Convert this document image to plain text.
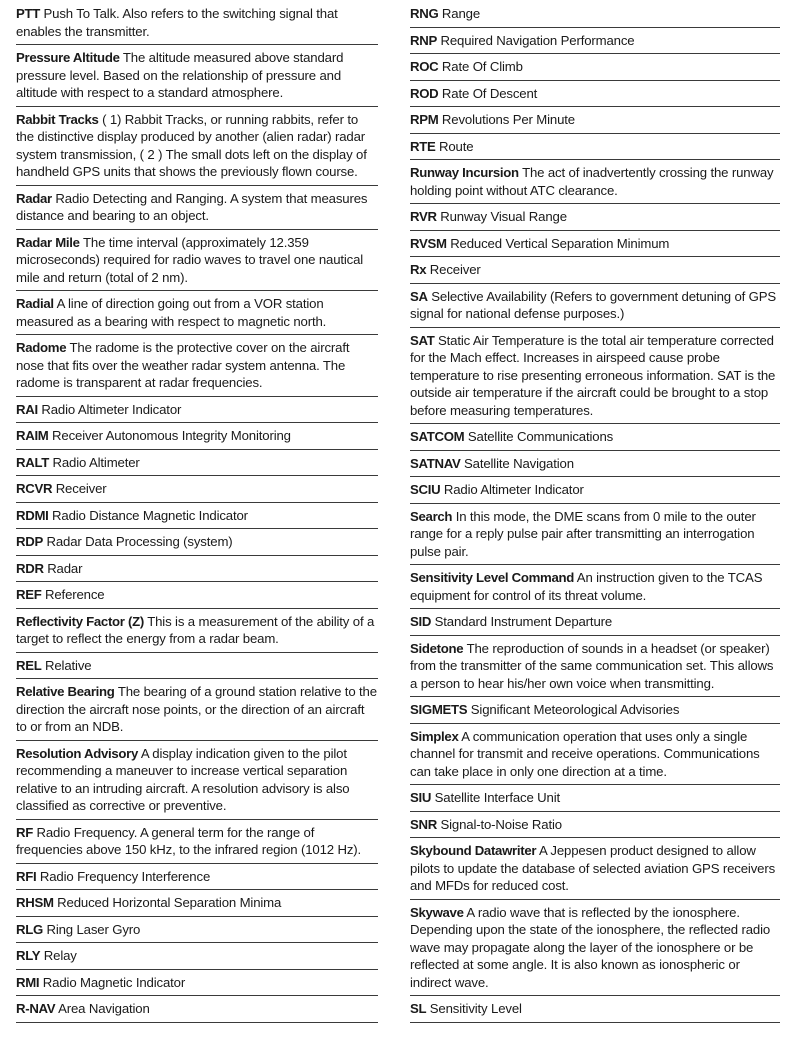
PTT Push To Talk. Also refers to the switching signal that enables the transmitter.
Pressure Altitude The altitude measured above standard pressure level. Based on the relationship of pressure and altitude with respect to a standard atmosphere.
Rabbit Tracks ( 1) Rabbit Tracks, or running rabbits, refer to the distinctive display produced by another (alien radar) radar system transmission, ( 2 ) The small dots left on the display of handheld GPS units that shows the previously flown course.
Radar Radio Detecting and Ranging. A system that measures distance and bearing to an object.
Radar Mile The time interval (approximately 12.359 microseconds) required for radio waves to travel one nautical mile and return (total of 2 nm).
Radial A line of direction going out from a VOR station measured as a bearing with respect to magnetic north.
Radome The radome is the protective cover on the aircraft nose that fits over the weather radar system antenna. The radome is transparent at radar frequencies.
RAI Radio Altimeter Indicator
RAIM Receiver Autonomous Integrity Monitoring
RALT Radio Altimeter
RCVR Receiver
RDMI Radio Distance Magnetic Indicator
RDP Radar Data Processing (system)
RDR Radar
REF Reference
Reflectivity Factor (Z) This is a measurement of the ability of a target to reflect the energy from a radar beam.
REL Relative
Relative Bearing The bearing of a ground station relative to the direction the aircraft nose points, or the direction of an aircraft to or from an NDB.
Resolution Advisory A display indication given to the pilot recommending a maneuver to increase vertical separation relative to an intruding aircraft. A resolution advisory is also classified as corrective or preventive.
RF Radio Frequency. A general term for the range of frequencies above 150 kHz, to the infrared region (1012 Hz).
RFI Radio Frequency Interference
RHSM Reduced Horizontal Separation Minima
RLG Ring Laser Gyro
RLY Relay
RMI Radio Magnetic Indicator
R-NAV Area Navigation
RNG Range
RNP Required Navigation Performance
ROC Rate Of Climb
ROD Rate Of Descent
RPM Revolutions Per Minute
RTE Route
Runway Incursion The act of inadvertently crossing the runway holding point without ATC clearance.
RVR Runway Visual Range
RVSM Reduced Vertical Separation Minimum
Rx Receiver
SA Selective Availability (Refers to government detuning of GPS signal for national defense purposes.)
SAT Static Air Temperature is the total air temperature corrected for the Mach effect. Increases in airspeed cause probe temperature to rise presenting erroneous information. SAT is the outside air temperature if the aircraft could be brought to a stop before measuring temperatures.
SATCOM Satellite Communications
SATNAV Satellite Navigation
SCIU Radio Altimeter Indicator
Search In this mode, the DME scans from 0 mile to the outer range for a reply pulse pair after transmitting an interrogation pulse pair.
Sensitivity Level Command An instruction given to the TCAS equipment for control of its threat volume.
SID Standard Instrument Departure
Sidetone The reproduction of sounds in a headset (or speaker) from the transmitter of the same communication set. This allows a person to hear his/her own voice when transmitting.
SIGMETS Significant Meteorological Advisories
Simplex A communication operation that uses only a single channel for transmit and receive operations. Communications can take place in only one direction at a time.
SIU Satellite Interface Unit
SNR Signal-to-Noise Ratio
Skybound Datawriter A Jeppesen product designed to allow pilots to update the database of selected aviation GPS receivers and MFDs for reduced cost.
Skywave A radio wave that is reflected by the ionosphere. Depending upon the state of the ionosphere, the reflected radio wave may propagate along the layer of the ionosphere or be reflected at some angle. It is also known as ionospheric or indirect wave.
SL Sensitivity Level
